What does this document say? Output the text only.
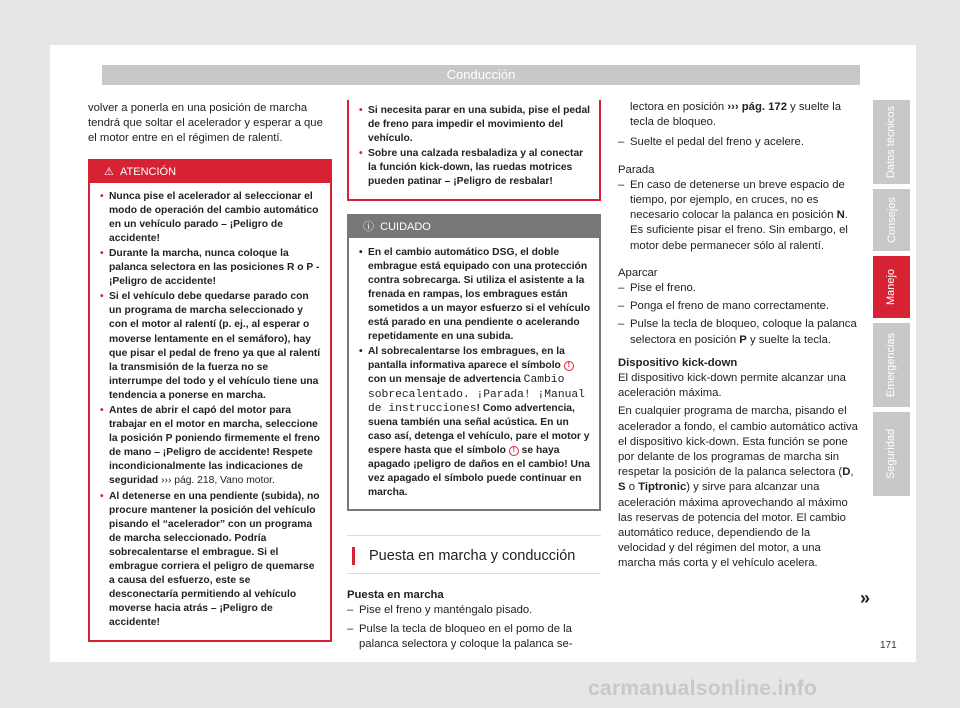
Conducción

volver a ponerla en una posición de marcha tendrá que soltar el acelerador y esperar a que el motor entre en el régimen de ralentí.

⚠ ATENCIÓN
• Nunca pise el acelerador al seleccionar el modo de operación del cambio automático en un vehículo parado – ¡Peligro de accidente!
• Durante la marcha, nunca coloque la palanca selectora en las posiciones R o P - ¡Peligro de accidente!
• Si el vehículo debe quedarse parado con un programa de marcha seleccionado y con el motor al ralentí (p. ej., al esperar o moverse lentamente en el semáforo), hay que pisar el pedal de freno ya que al ralentí la transmisión de la fuerza no se interrumpe del todo y el vehículo tiene una tendencia a ponerse en marcha.
• Antes de abrir el capó del motor para trabajar en el motor en marcha, seleccione la posición P poniendo firmemente el freno de mano – ¡Peligro de accidente! Respete incondicionalmente las indicaciones de seguridad ››› pág. 218, Vano motor.
• Al detenerse en una pendiente (subida), no procure mantener la posición del vehículo pisando el “acelerador” con un programa de marcha seleccionado. Podría sobrecalentarse el embrague. Si el embrague corriera el peligro de quemarse a causa del esfuerzo, este se desconectaría permitiendo al vehículo moverse hacia atrás – ¡Peligro de accidente!
• Si necesita parar en una subida, pise el pedal de freno para impedir el movimiento del vehículo.
• Sobre una calzada resbaladiza y al conectar la función kick-down, las ruedas motrices pueden patinar – ¡Peligro de resbalar!
ⓘ CUIDADO
• En el cambio automático DSG, el doble embrague está equipado con una protección contra sobrecarga. Si utiliza el asistente a la frenada en rampas, los embragues están sometidos a un mayor esfuerzo si el vehículo está parado en una pendiente o acelerando repetidamente en una subida.
• Al sobrecalentarse los embragues, en la pantalla informativa aparece el símbolo ! con un mensaje de advertencia Cambio sobrecalentado. ¡Parada! ¡Manual de instrucciones! Como advertencia, suena también una señal acústica. En un caso así, detenga el vehículo, pare el motor y espere hasta que el símbolo ! se haya apagado ¡peligro de daños en el cambio! Una vez apagado el símbolo puede continuar en marcha.
Puesta en marcha y conducción
Puesta en marcha
– Pise el freno y manténgalo pisado.
– Pulse la tecla de bloqueo en el pomo de la palanca selectora y coloque la palanca se-
lectora en posición ››› pág. 172 y suelte la tecla de bloqueo.
– Suelte el pedal del freno y acelere.
Parada
– En caso de detenerse un breve espacio de tiempo, por ejemplo, en cruces, no es necesario colocar la palanca en posición N. Es suficiente pisar el freno. Sin embargo, el motor debe permanecer sólo al ralentí.
Aparcar
– Pise el freno.
– Ponga el freno de mano correctamente.
– Pulse la tecla de bloqueo, coloque la palanca selectora en posición P y suelte la tecla.
Dispositivo kick-down

El dispositivo kick-down permite alcanzar una aceleración máxima.

En cualquier programa de marcha, pisando el acelerador a fondo, el cambio automático activa el dispositivo kick-down. Esta función se pone por delante de los programas de marcha sin respetar la posición de la palanca selectora (D, S o Tiptronic) y sirve para alcanzar una aceleración máxima aprovechando al máximo las reservas de potencia del motor. El cambio automático reduce, dependiendo de la velocidad y del régimen del motor, a una marcha más corta y el vehículo acelera.

»
Datos técnicos
Consejos
Manejo
Emergencias
Seguridad
171
carmanualsonline.info
